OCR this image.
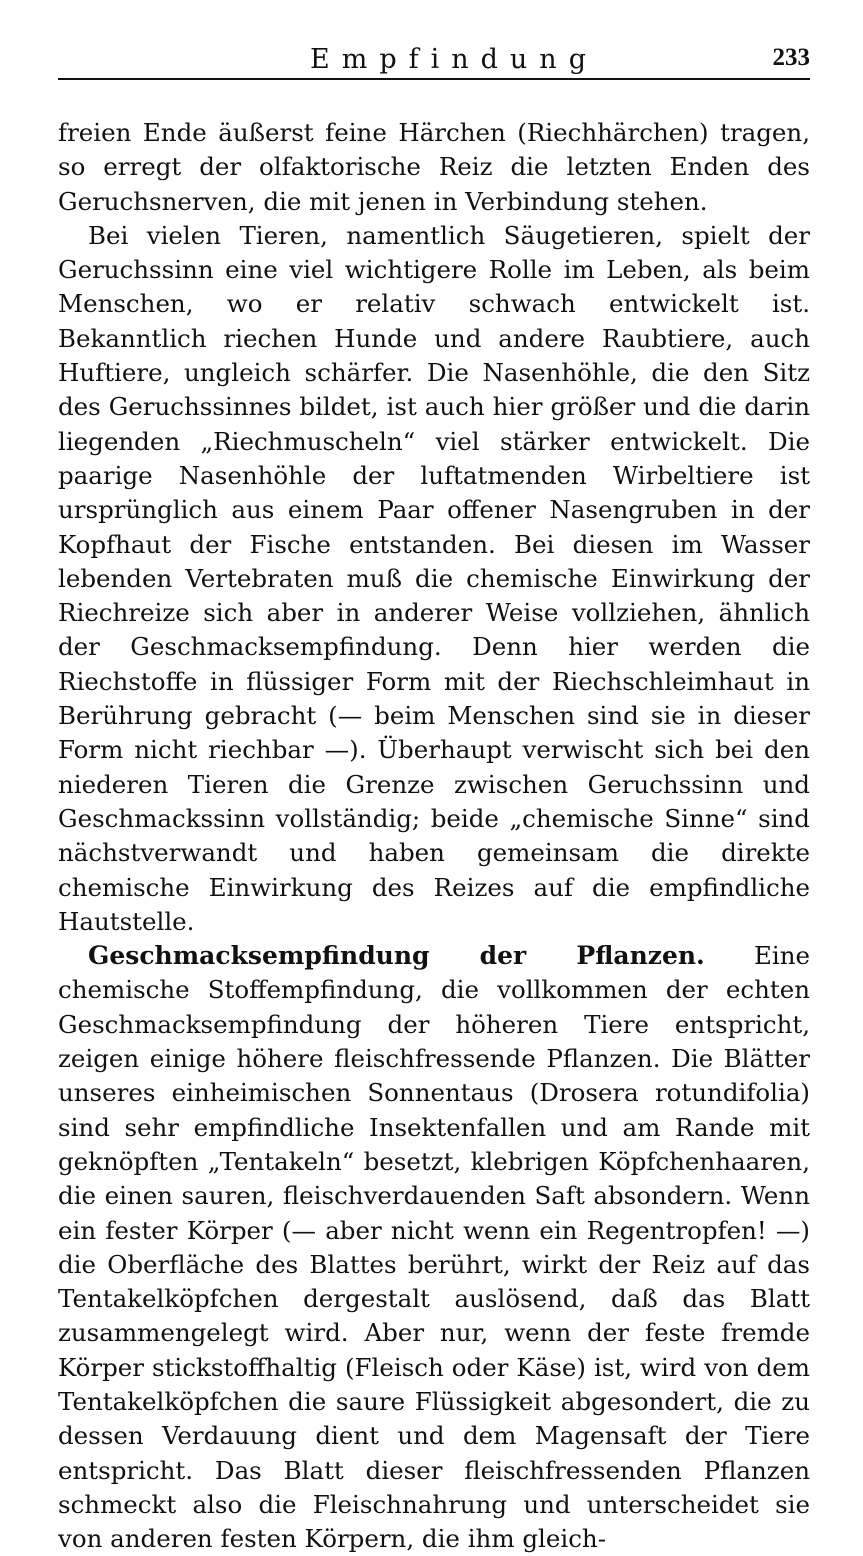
Empfindung	233

freien Ende äußerst feine Härchen (Riechhärchen) tragen, so erregt der olfaktorische Reiz die letzten Enden des Geruchsnerven, die mit jenen in Verbindung stehen.

Bei vielen Tieren, namentlich Säugetieren, spielt der Geruchssinn eine viel wichtigere Rolle im Leben, als beim Menschen, wo er relativ schwach entwickelt ist. Bekanntlich riechen Hunde und andere Raubtiere, auch Huftiere, ungleich schärfer. Die Nasenhöhle, die den Sitz des Geruchssinnes bildet, ist auch hier größer und die darin liegenden „Riechmuscheln“ viel stärker entwickelt. Die paarige Nasenhöhle der luftatmenden Wirbeltiere ist ursprünglich aus einem Paar offener Nasengruben in der Kopfhaut der Fische entstanden. Bei diesen im Wasser lebenden Vertebraten muß die chemische Einwirkung der Riechreize sich aber in anderer Weise vollziehen, ähnlich der Geschmacksempfindung. Denn hier werden die Riechstoffe in flüssiger Form mit der Riechschleimhaut in Berührung gebracht (— beim Menschen sind sie in dieser Form nicht riechbar —). Überhaupt verwischt sich bei den niederen Tieren die Grenze zwischen Geruchssinn und Geschmackssinn vollständig; beide „chemische Sinne“ sind nächstverwandt und haben gemeinsam die direkte chemische Einwirkung des Reizes auf die empfindliche Hautstelle.

Geschmacksempfindung der Pflanzen. Eine chemische Stoffempfindung, die vollkommen der echten Geschmacksempfindung der höheren Tiere entspricht, zeigen einige höhere fleischfressende Pflanzen. Die Blätter unseres einheimischen Sonnentaus (Drosera rotundifolia) sind sehr empfindliche Insektenfallen und am Rande mit geknöpften „Tentakeln“ besetzt, klebrigen Köpfchenhaaren, die einen sauren, fleischverdauenden Saft absondern. Wenn ein fester Körper (— aber nicht wenn ein Regentropfen! —) die Oberfläche des Blattes berührt, wirkt der Reiz auf das Tentakelköpfchen dergestalt auslösend, daß das Blatt zusammengelegt wird. Aber nur, wenn der feste fremde Körper stickstoffhaltig (Fleisch oder Käse) ist, wird von dem Tentakelköpfchen die saure Flüssigkeit abgesondert, die zu dessen Verdauung dient und dem Magensaft der Tiere entspricht. Das Blatt dieser fleischfressenden Pflanzen schmeckt also die Fleischnahrung und unterscheidet sie von anderen festen Körpern, die ihm gleich-
